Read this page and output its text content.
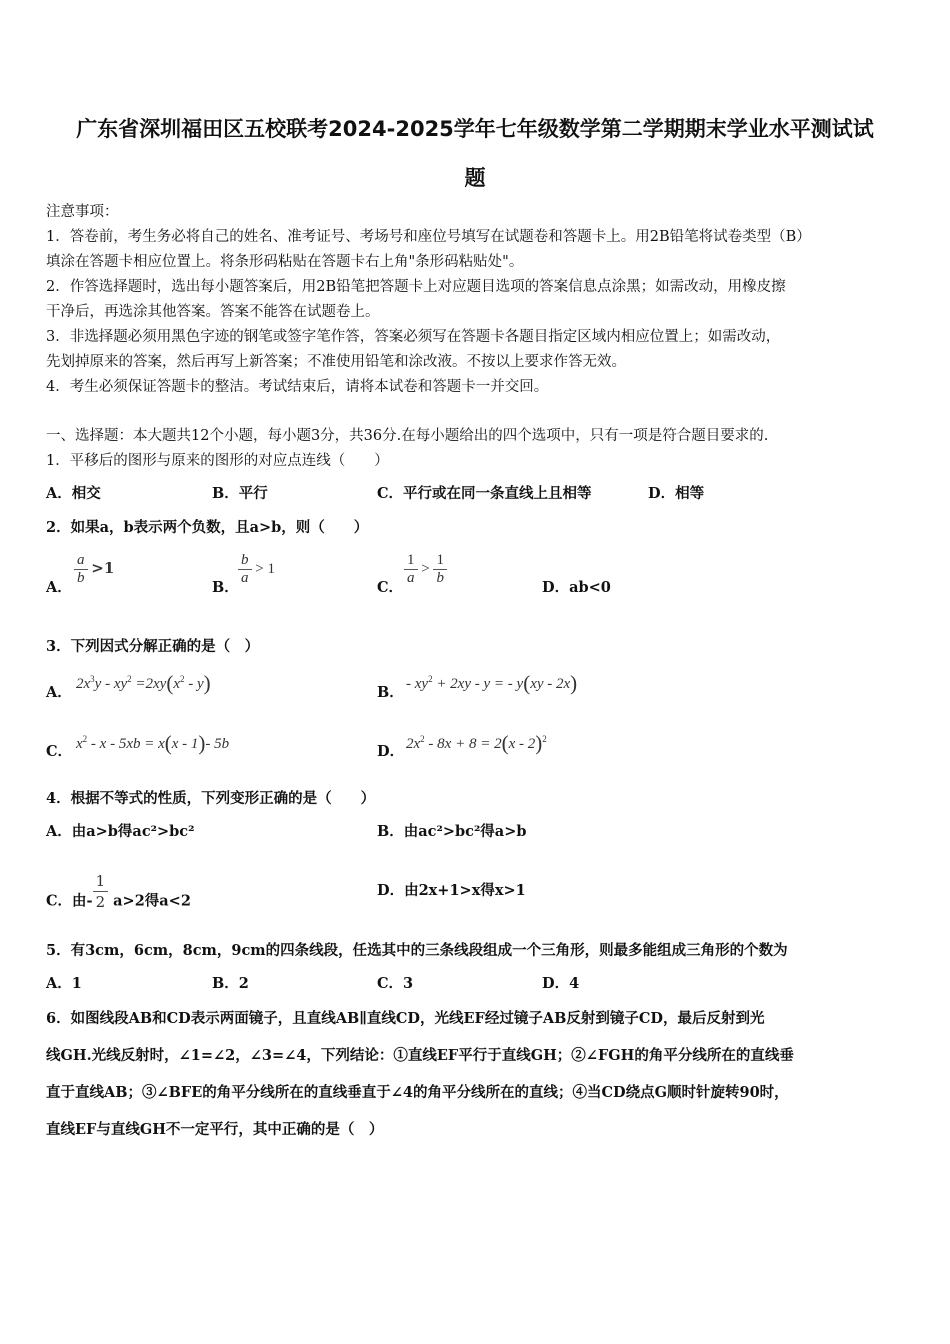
广东省深圳福田区五校联考2024-2025学年七年级数学第二学期期末学业水平测试试
题
注意事项：
1．答卷前，考生务必将自己的姓名、准考证号、考场号和座位号填写在试题卷和答题卡上。用2B铅笔将试卷类型（B）
填涂在答题卡相应位置上。将条形码粘贴在答题卡右上角"条形码粘贴处"。
2．作答选择题时，选出每小题答案后，用2B铅笔把答题卡上对应题目选项的答案信息点涂黑；如需改动，用橡皮擦
干净后，再选涂其他答案。答案不能答在试题卷上。
3．非选择题必须用黑色字迹的钢笔或签字笔作答，答案必须写在答题卡各题目指定区域内相应位置上；如需改动，
先划掉原来的答案，然后再写上新答案；不准使用铅笔和涂改液。不按以上要求作答无效。
4．考生必须保证答题卡的整洁。考试结束后，请将本试卷和答题卡一并交回。
一、选择题：本大题共12个小题，每小题3分，共36分.在每小题给出的四个选项中，只有一项是符合题目要求的.
1．平移后的图形与原来的图形的对应点连线（　　）
A．相交	B．平行	C．平行或在同一条直线上且相等	D．相等
2．如果a，b表示两个负数，且a>b，则（　　）
A．
$\frac{a}{b} >1$
B．
$\frac{b}{a} > 1$
C．
$\frac{1}{a} > \frac{1}{b}$
D．ab<0
3．下列因式分解正确的是（　）
A． $2x^3y - xy^2 =2xy(x^2 - y)$	B． - $xy^2 + 2xy - y$ = - y(xy - 2x)
C． $x^2 - x - 5xb = x(x - 1)-$ 5b	D． $2x^2 - 8x + 8 = 2(x - 2)^2$
4．根据不等式的性质，下列变形正确的是（　　）
A．由a>b得ac²>bc²	B．由ac²>bc²得a>b
C．由- $\frac{1}{2} a>2$得a<2
D．由2x+1>x得x>1
5．有3cm，6cm，8cm，9cm的四条线段，任选其中的三条线段组成一个三角形，则最多能组成三角形的个数为
A．1	B．2	C．3	D．4
6．如图线段AB和CD表示两面镜子，且直线AB∥直线CD，光线EF经过镜子AB反射到镜子CD，最后反射到光
线GH.光线反射时，∠1=∠2，∠3=∠4，下列结论：①直线EF平行于直线GH；②∠FGH的角平分线所在的直线垂
直于直线AB；③∠BFE的角平分线所在的直线垂直于∠4的角平分线所在的直线；④当CD绕点G顺时针旋转90时，
直线EF与直线GH不一定平行，其中正确的是（　）
